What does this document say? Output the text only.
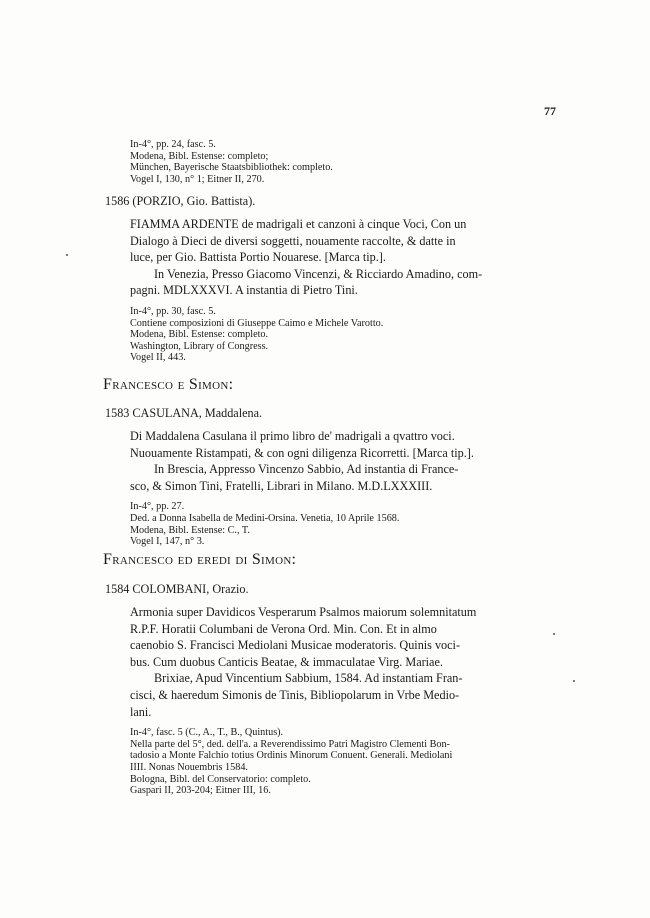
77

In-4°, pp. 24, fasc. 5.

Modena, Bibl. Estense: completo;

München, Bayerische Staatsbibliothek: completo.

Vogel I, 130, n° 1; Eitner II, 270.

1586 (PORZIO, Gio. Battista).

FIAMMA ARDENTE de madrigali et canzoni à cinque Voci, Con un

Dialogo à Dieci de diversi soggetti, nouamente raccolte, & datte in

luce, per Gio. Battista Portio Nouarese. [Marca tip.].

In Venezia, Presso Giacomo Vincenzi, & Ricciardo Amadino, com-

pagni. MDLXXXVI. A instantia di Pietro Tini.

In-4°, pp. 30, fasc. 5.

Contiene composizioni di Giuseppe Caimo e Michele Varotto.

Modena, Bibl. Estense: completo.

Washington, Library of Congress.

Vogel II, 443.

Francesco e Simon:

1583 CASULANA, Maddalena.

Di Maddalena Casulana il primo libro de' madrigali a qvattro voci.

Nuouamente Ristampati, & con ogni diligenza Ricorretti. [Marca tip.].

In Brescia, Appresso Vincenzo Sabbio, Ad instantia di France-

sco, & Simon Tini, Fratelli, Librari in Milano. M.D.LXXXIII.

In-4°, pp. 27.

Ded. a Donna Isabella de Medini-Orsina. Venetia, 10 Aprile 1568.

Modena, Bibl. Estense: C., T.

Vogel I, 147, n° 3.

Francesco ed eredi di Simon:

1584 COLOMBANI, Orazio.

Armonia super Davidicos Vesperarum Psalmos maiorum solemnitatum

R.P.F. Horatii Columbani de Verona Ord. Min. Con. Et in almo

caenobio S. Francisci Mediolani Musicae moderatoris. Quinis voci-

bus. Cum duobus Canticis Beatae, & immaculatae Virg. Mariae.

Brixiae, Apud Vincentium Sabbium, 1584. Ad instantiam Fran-

cisci, & haeredum Simonis de Tinis, Bibliopolarum in Vrbe Medio-

lani.

In-4°, fasc. 5 (C., A., T., B., Quintus).

Nella parte del 5°, ded. dell'a. a Reverendissimo Patri Magistro Clementi Bon-

tadosio a Monte Falchio totius Ordinis Minorum Conuent. Generali. Mediolani

IIII. Nonas Nouembris 1584.

Bologna, Bibl. del Conservatorio: completo.

Gaspari II, 203-204; Eitner III, 16.
